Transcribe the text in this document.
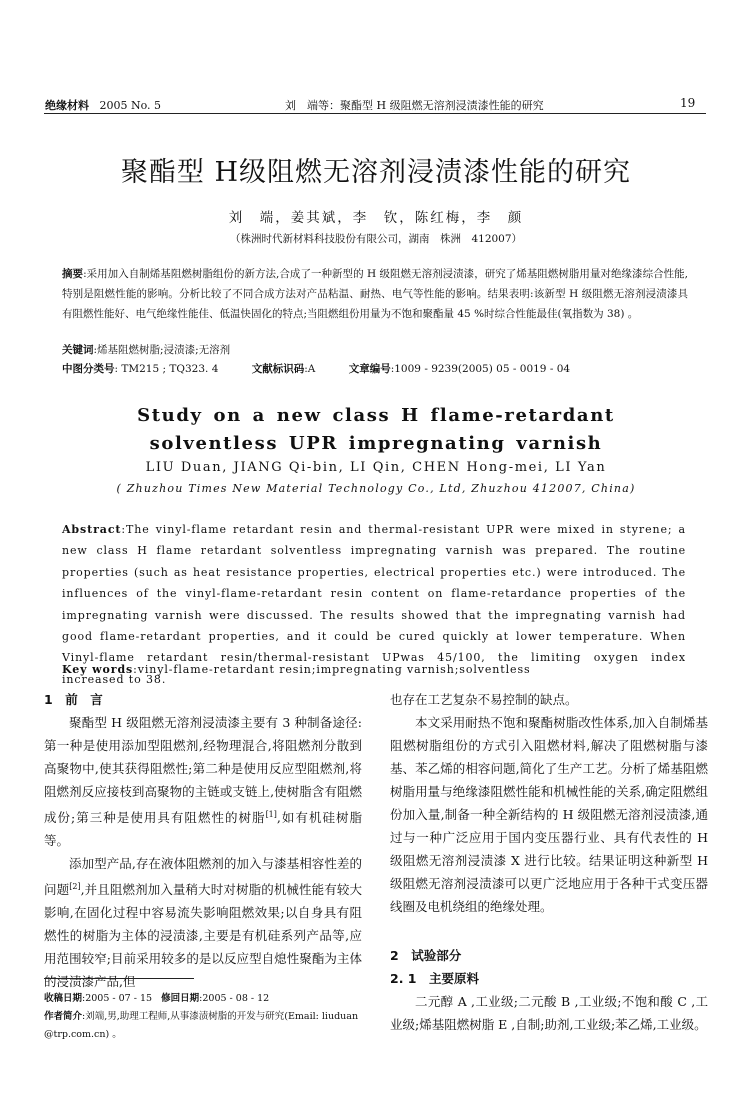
绝缘材料 2005 No. 5	刘　端等：聚酯型 H 级阻燃无溶剂浸渍漆性能的研究	19
聚酯型 H级阻燃无溶剂浸渍漆性能的研究
刘　端，姜其斌，李　钦，陈红梅，李　颜
（株洲时代新材料科技股份有限公司，湖南　株洲　412007）
摘要:采用加入自制烯基阻燃树脂组份的新方法,合成了一种新型的 H 级阻燃无溶剂浸渍漆，研究了烯基阻燃树脂用量对绝缘漆综合性能,特别是阻燃性能的影响。分析比较了不同合成方法对产品粘温、耐热、电气等性能的影响。结果表明:该新型 H 级阻燃无溶剂浸渍漆具有阻燃性能好、电气绝缘性能佳、低温快固化的特点;当阻燃组份用量为不饱和聚酯量 45 %时综合性能最佳(氧指数为 38) 。
关键词:烯基阻燃树脂;浸渍漆;无溶剂
中图分类号: TM215 ; TQ323. 4	文献标识码:A	文章编号:1009 - 9239(2005) 05 - 0019 - 04
Study on a new class H flame-retardant
solventless UPR impregnating varnish
LIU Duan, JIANG Qi-bin, LI Qin, CHEN Hong-mei, LI Yan
( Zhuzhou Times New Material Technology Co., Ltd, Zhuzhou 412007, China)
Abstract:The vinyl-flame retardant resin and thermal-resistant UPR were mixed in styrene; a new class H flame retardant solventless impregnating varnish was prepared. The routine properties (such as heat resistance properties, electrical properties etc.) were introduced. The influences of the vinyl-flame-retardant resin content on flame-retardance properties of the impregnating varnish were discussed. The results showed that the impregnating varnish had good flame-retardant properties, and it could be cured quickly at lower temperature. When Vinyl-flame retardant resin/thermal-resistant UPwas 45/100, the limiting oxygen index increased to 38.
Key words:vinyl-flame-retardant resin;impregnating varnish;solventless
1　前　言

聚酯型 H 级阻燃无溶剂浸渍漆主要有 3 种制备途径:第一种是使用添加型阻燃剂,经物理混合,将阻燃剂分散到高聚物中,使其获得阻燃性;第二种是使用反应型阻燃剂,将阻燃剂反应接枝到高聚物的主链或支链上,使树脂含有阻燃成份;第三种是使用具有阻燃性的树脂[1],如有机硅树脂等。

添加型产品,存在液体阻燃剂的加入与漆基相容性差的问题[2],并且阻燃剂加入量稍大时对树脂的机械性能有较大影响,在固化过程中容易流失影响阻燃效果;以自身具有阻燃性的树脂为主体的浸渍漆,主要是有机硅系列产品等,应用范围较窄;目前采用较多的是以反应型自熄性聚酯为主体的浸渍漆产品,但

收稿日期:2005 - 07 - 15 修回日期:2005 - 08 - 12
作者简介:刘端,男,助理工程师,从事漆渍树脂的开发与研究(Email: liuduan @trp.com.cn) 。
也存在工艺复杂不易控制的缺点。

本文采用耐热不饱和聚酯树脂改性体系,加入自制烯基阻燃树脂组份的方式引入阻燃材料,解决了阻燃树脂与漆基、苯乙烯的相容问题,简化了生产工艺。分析了烯基阻燃树脂用量与绝缘漆阻燃性能和机械性能的关系,确定阻燃组份加入量,制备一种全新结构的 H 级阻燃无溶剂浸渍漆,通过与一种广泛应用于国内变压器行业、具有代表性的 H 级阻燃无溶剂浸渍漆 X 进行比较。结果证明这种新型 H 级阻燃无溶剂浸渍漆可以更广泛地应用于各种干式变压器线圈及电机绕组的绝缘处理。

2　试验部分
2. 1　主要原料

二元醇 A ,工业级;二元酸 B ,工业级;不饱和酸 C ,工业级;烯基阻燃树脂 E ,自制;助剂,工业级;苯乙烯,工业级。
